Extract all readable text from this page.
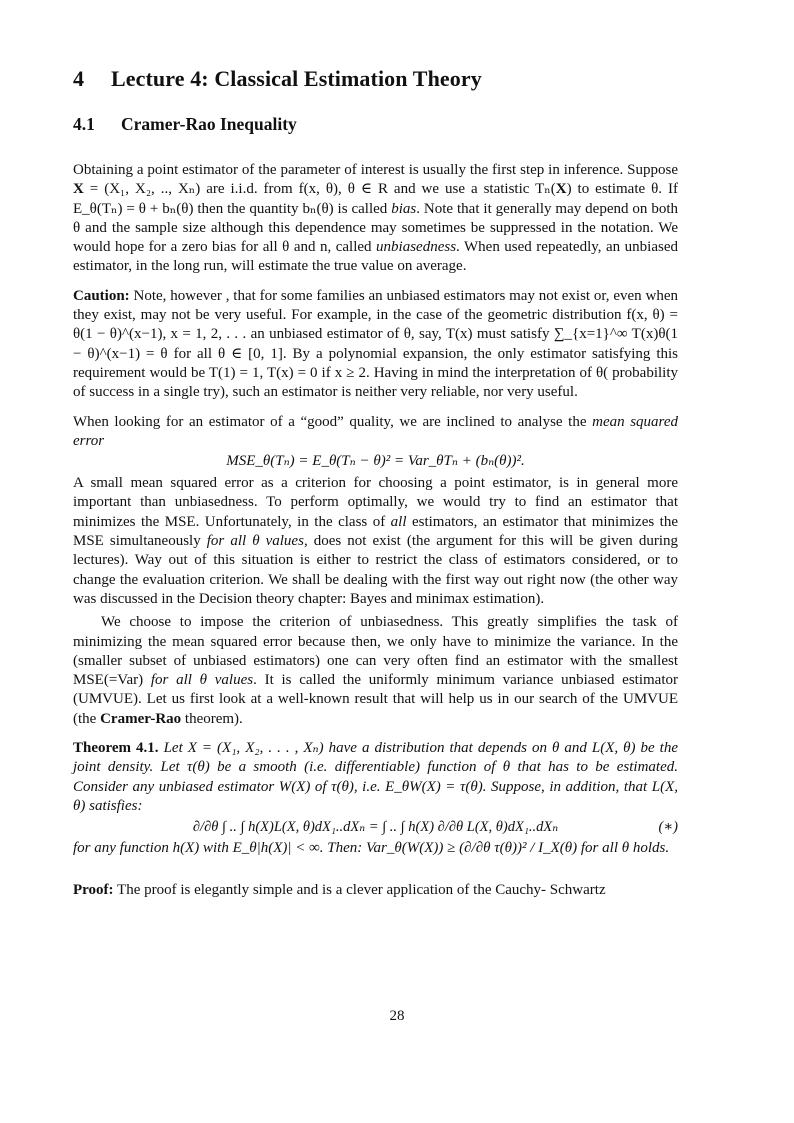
4 Lecture 4: Classical Estimation Theory
4.1 Cramer-Rao Inequality

Obtaining a point estimator of the parameter of interest is usually the first step in inference. Suppose X = (X₁, X₂, .., Xₙ) are i.i.d. from f(x, θ), θ ∈ R and we use a statistic Tₙ(X) to estimate θ. If E_θ(Tₙ) = θ + bₙ(θ) then the quantity bₙ(θ) is called bias. Note that it generally may depend on both θ and the sample size although this dependence may sometimes be suppressed in the notation. We would hope for a zero bias for all θ and n, called unbiasedness. When used repeatedly, an unbiased estimator, in the long run, will estimate the true value on average.

Caution: Note, however , that for some families an unbiased estimators may not exist or, even when they exist, may not be very useful. For example, in the case of the geometric distribution f(x, θ) = θ(1 − θ)^(x−1), x = 1, 2, . . . an unbiased estimator of θ, say, T(x) must satisfy ∑_{x=1}^∞ T(x)θ(1 − θ)^(x−1) = θ for all θ ∈ [0, 1]. By a polynomial expansion, the only estimator satisfying this requirement would be T(1) = 1, T(x) = 0 if x ≥ 2. Having in mind the interpretation of θ( probability of success in a single try), such an estimator is neither very reliable, nor very useful.

When looking for an estimator of a “good” quality, we are inclined to analyse the mean squared error

MSE_θ(Tₙ) = E_θ(Tₙ − θ)² = Var_θTₙ + (bₙ(θ))².

A small mean squared error as a criterion for choosing a point estimator, is in general more important than unbiasedness. To perform optimally, we would try to find an estimator that minimizes the MSE. Unfortunately, in the class of all estimators, an estimator that minimizes the MSE simultaneously for all θ values, does not exist (the argument for this will be given during lectures). Way out of this situation is either to restrict the class of estimators considered, or to change the evaluation criterion. We shall be dealing with the first way out right now (the other way was discussed in the Decision theory chapter: Bayes and minimax estimation).

We choose to impose the criterion of unbiasedness. This greatly simplifies the task of minimizing the mean squared error because then, we only have to minimize the variance. In the (smaller subset of unbiased estimators) one can very often find an estimator with the smallest MSE(=Var) for all θ values. It is called the uniformly minimum variance unbiased estimator (UMVUE). Let us first look at a well-known result that will help us in our search of the UMVUE (the Cramer-Rao theorem).

Theorem 4.1. Let X = (X₁, X₂, . . . , Xₙ) have a distribution that depends on θ and L(X, θ) be the joint density. Let τ(θ) be a smooth (i.e. differentiable) function of θ that has to be estimated. Consider any unbiased estimator W(X) of τ(θ), i.e. E_θW(X) = τ(θ). Suppose, in addition, that L(X, θ) satisfies:

∂/∂θ ∫ .. ∫ h(X)L(X, θ)dX₁..dXₙ = ∫ .. ∫ h(X) ∂/∂θ L(X, θ)dX₁..dXₙ	(∗)

for any function h(X) with E_θ|h(X)| < ∞. Then: Var_θ(W(X)) ≥ (∂/∂θ τ(θ))² / I_X(θ) for all θ holds.

Proof: The proof is elegantly simple and is a clever application of the Cauchy- Schwartz

28
